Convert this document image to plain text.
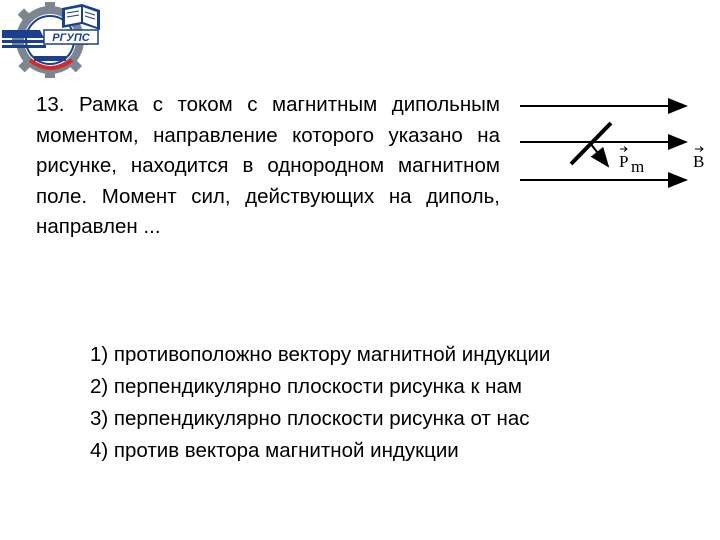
РГУПС

13. Рамка с током с магнитным дипольным моментом, направление которого указано на рисунке, находится в однородном магнитном поле. Момент сил, действующих на диполь, направлен ...

P m	B
1) противоположно вектору магнитной индукции
2) перпендикулярно плоскости рисунка к нам
3) перпендикулярно плоскости рисунка от нас
4) против вектора магнитной индукции
